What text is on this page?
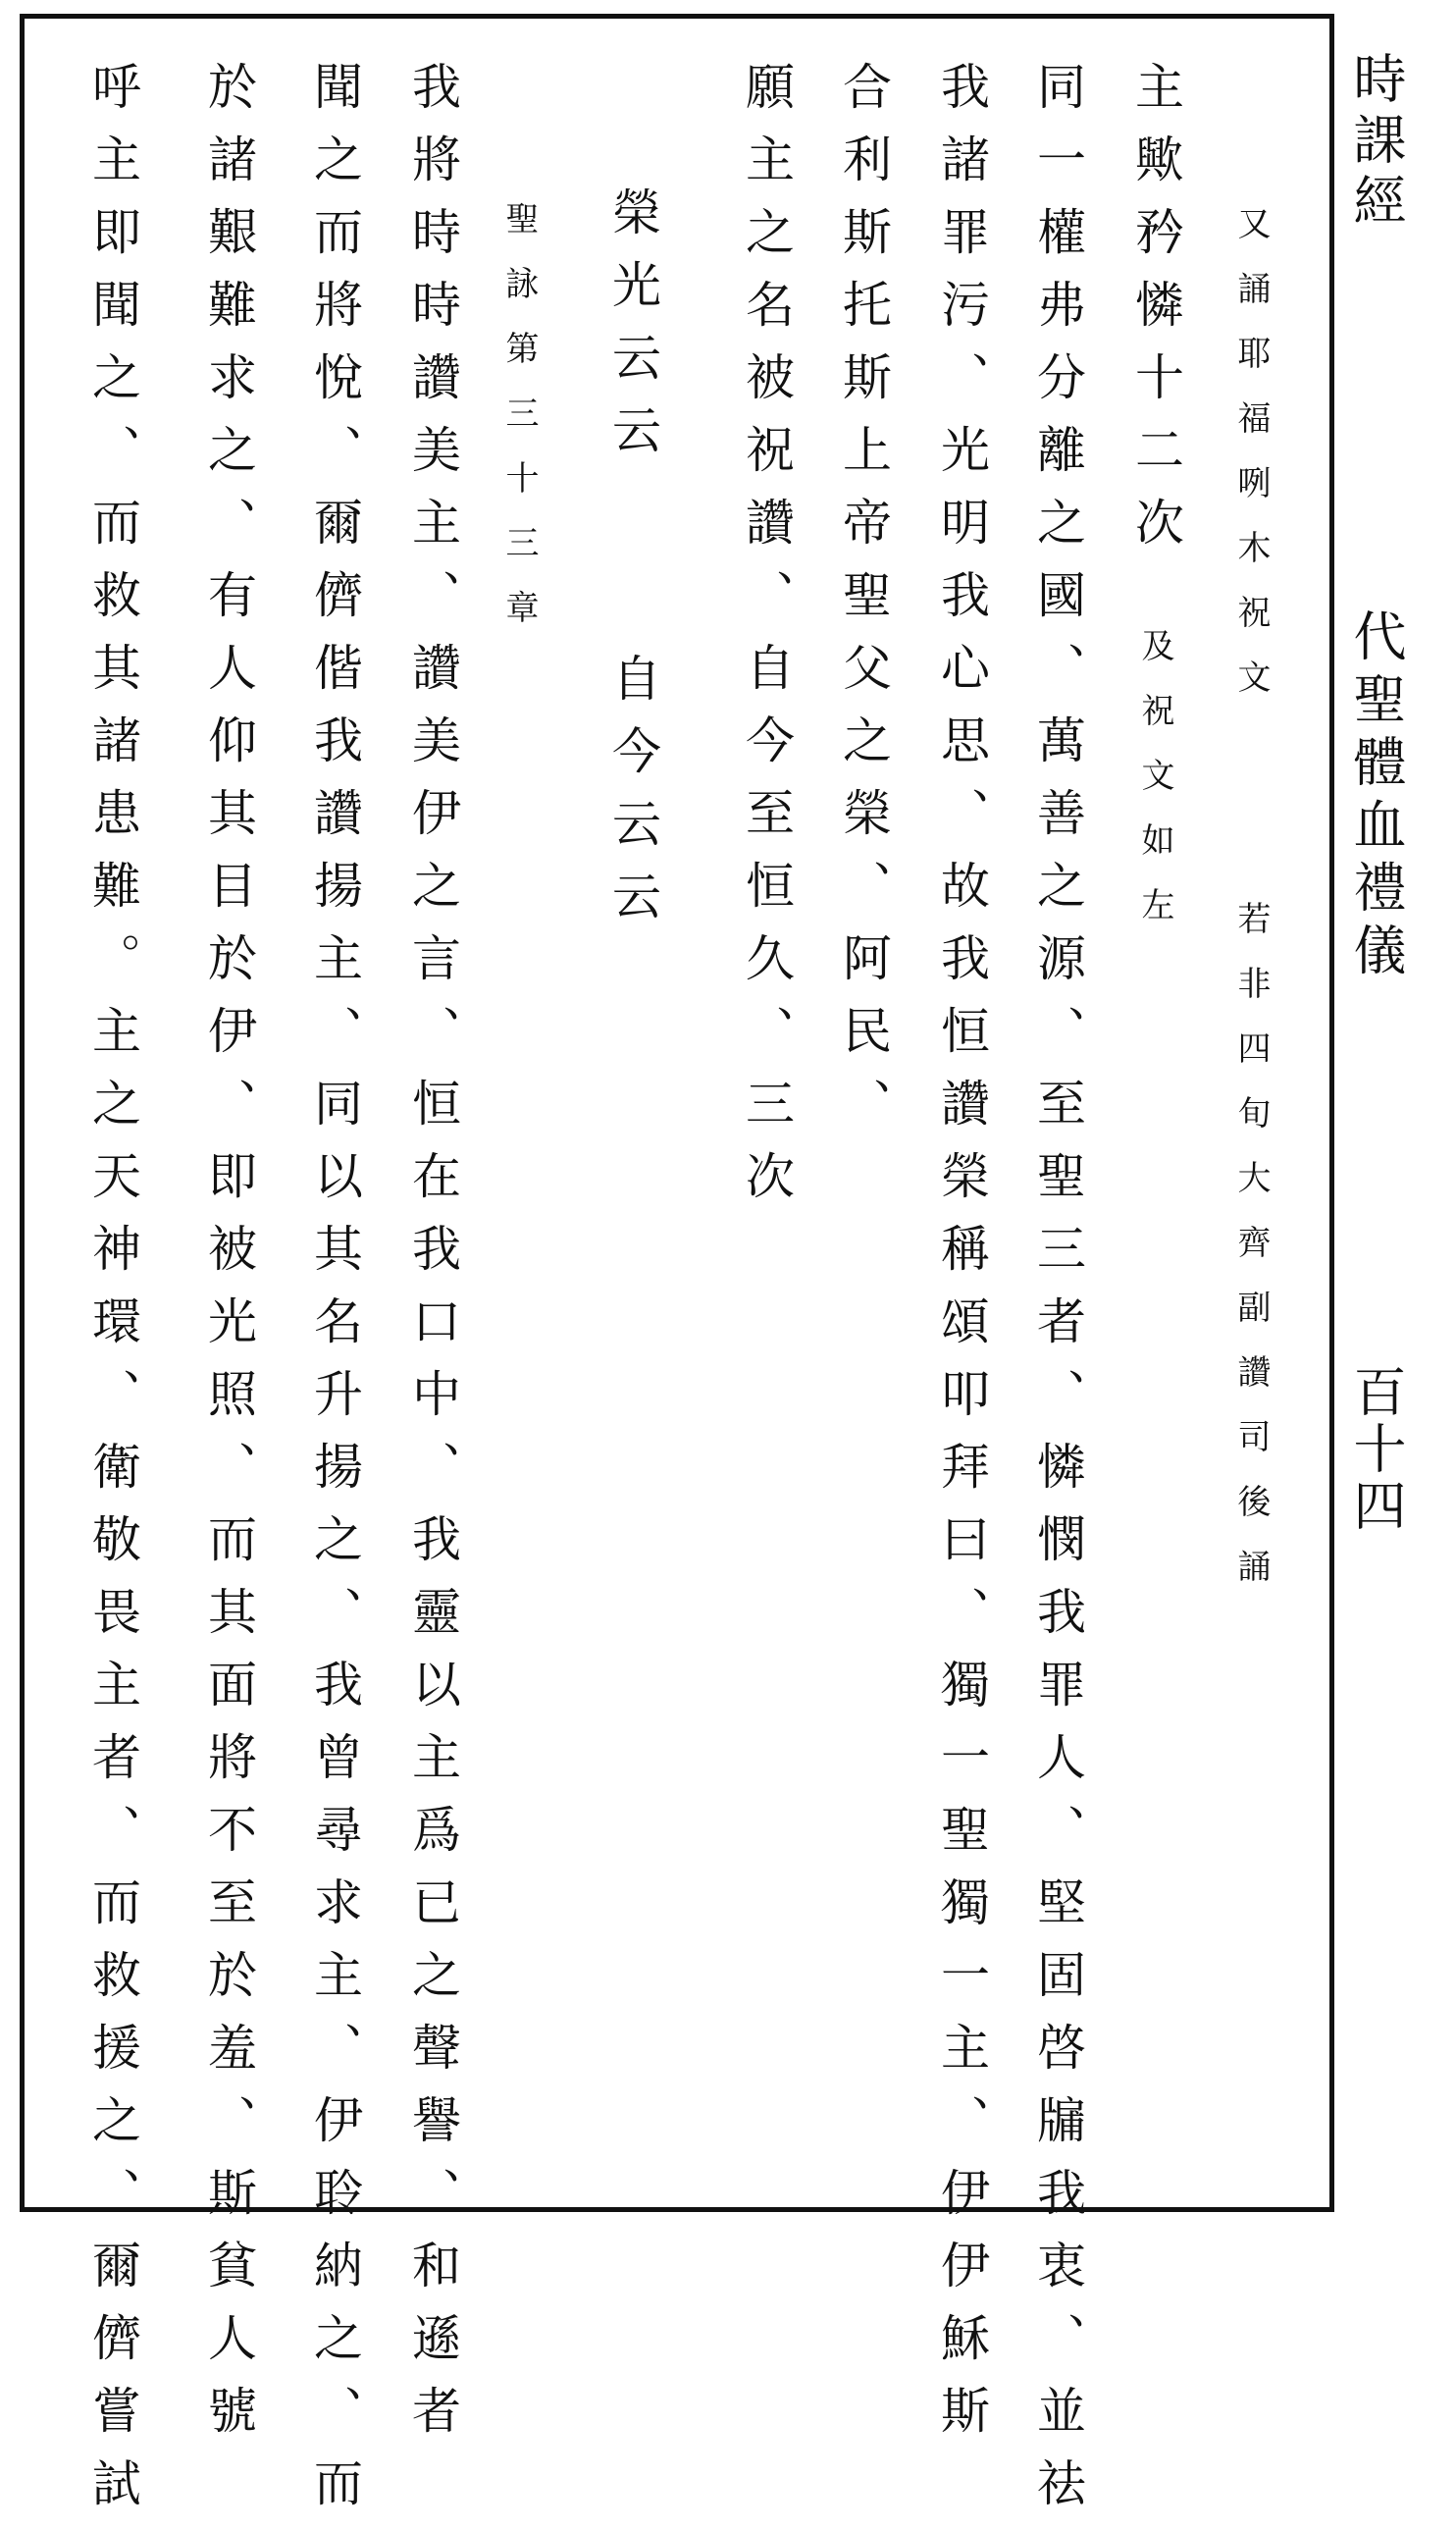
時課經
代聖體血禮儀
百十四
又誦耶福咧木祝文
若非四旬大齊副讚司後誦
主歟矜憐十二次
及祝文如左
同一權弗分離之國、萬善之源、至聖三者、憐憫我罪人、堅固啓牖我衷、並祛
我諸罪污、光明我心思、故我恒讚榮稱頌叩拜曰、獨一聖獨一主、伊伊穌斯
合利斯托斯上帝聖父之榮、阿民、
願主之名被祝讚、自今至恒久、三次
榮光云云
自今云云
聖詠第三十三章
我將時時讚美主、讚美伊之言、恒在我口中、我靈以主爲已之聲譽、和遜者
聞之而將悅、爾儕偕我讚揚主、同以其名升揚之、我曾尋求主、伊聆納之、而
於諸艱難求之、有人仰其目於伊、即被光照、而其面將不至於羞、斯貧人號
呼主即聞之、而救其諸患難。主之天神環、衛敬畏主者、而救援之、爾儕嘗試
